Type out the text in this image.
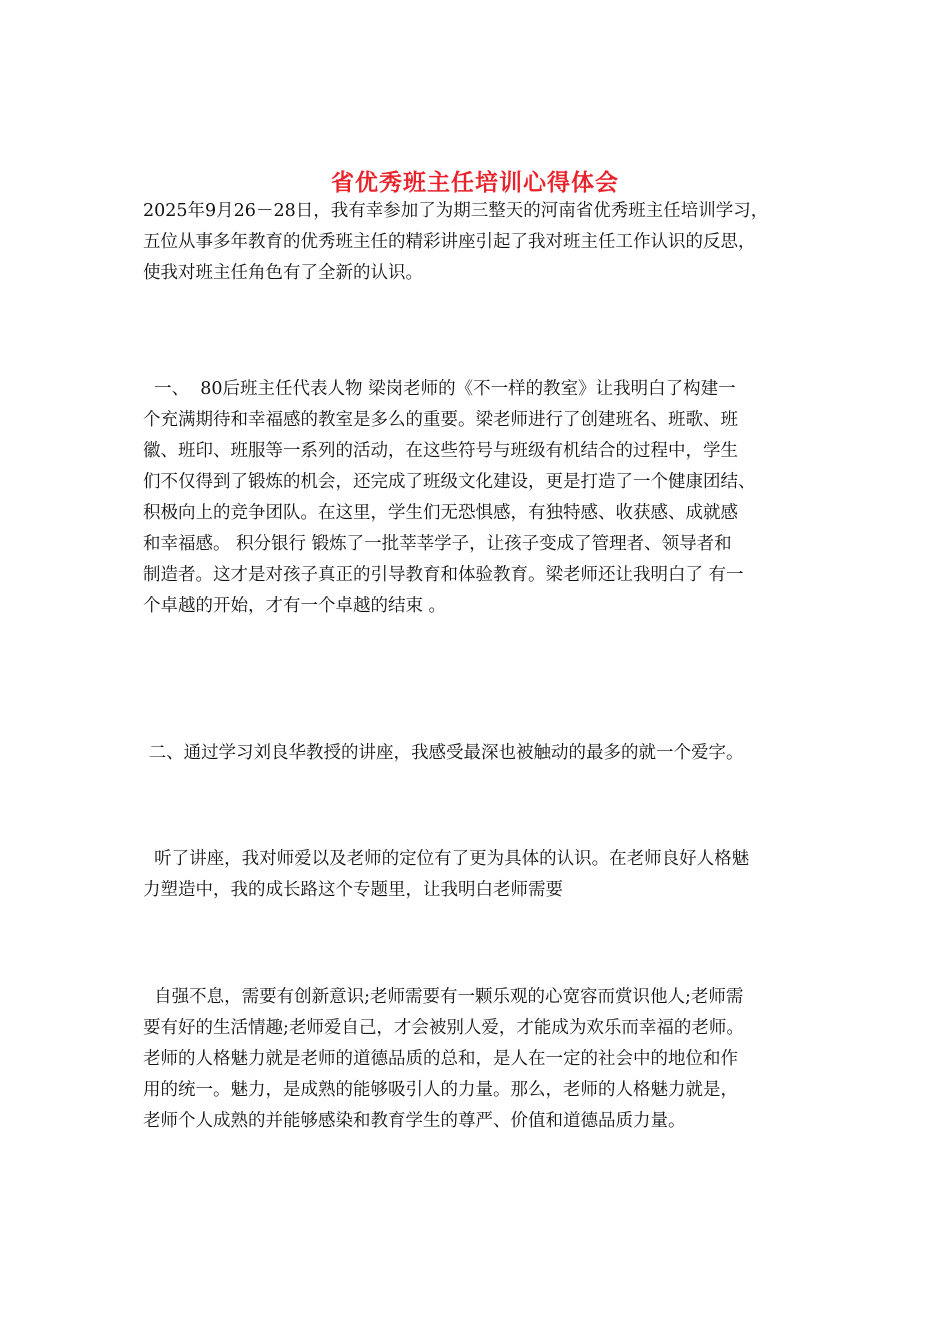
省优秀班主任培训心得体会
2025年9月26－28日，我有幸参加了为期三整天的河南省优秀班主任培训学习，
五位从事多年教育的优秀班主任的精彩讲座引起了我对班主任工作认识的反思，
使我对班主任角色有了全新的认识。
一、  80后班主任代表人物 梁岗老师的《不一样的教室》让我明白了构建一
个充满期待和幸福感的教室是多么的重要。梁老师进行了创建班名、班歌、班
徽、班印、班服等一系列的活动，在这些符号与班级有机结合的过程中，学生
们不仅得到了锻炼的机会，还完成了班级文化建设，更是打造了一个健康团结、
积极向上的竞争团队。在这里，学生们无恐惧感，有独特感、收获感、成就感
和幸福感。 积分银行 锻炼了一批莘莘学子，让孩子变成了管理者、领导者和
制造者。这才是对孩子真正的引导教育和体验教育。梁老师还让我明白了 有一
个卓越的开始，才有一个卓越的结束 。
二、通过学习刘良华教授的讲座，我感受最深也被触动的最多的就一个爱字。
听了讲座，我对师爱以及老师的定位有了更为具体的认识。在老师良好人格魅
力塑造中，我的成长路这个专题里，让我明白老师需要
自强不息，需要有创新意识;老师需要有一颗乐观的心宽容而赏识他人;老师需
要有好的生活情趣;老师爱自己，才会被别人爱，才能成为欢乐而幸福的老师。
老师的人格魅力就是老师的道德品质的总和，是人在一定的社会中的地位和作
用的统一。魅力，是成熟的能够吸引人的力量。那么，老师的人格魅力就是，
老师个人成熟的并能够感染和教育学生的尊严、价值和道德品质力量。
